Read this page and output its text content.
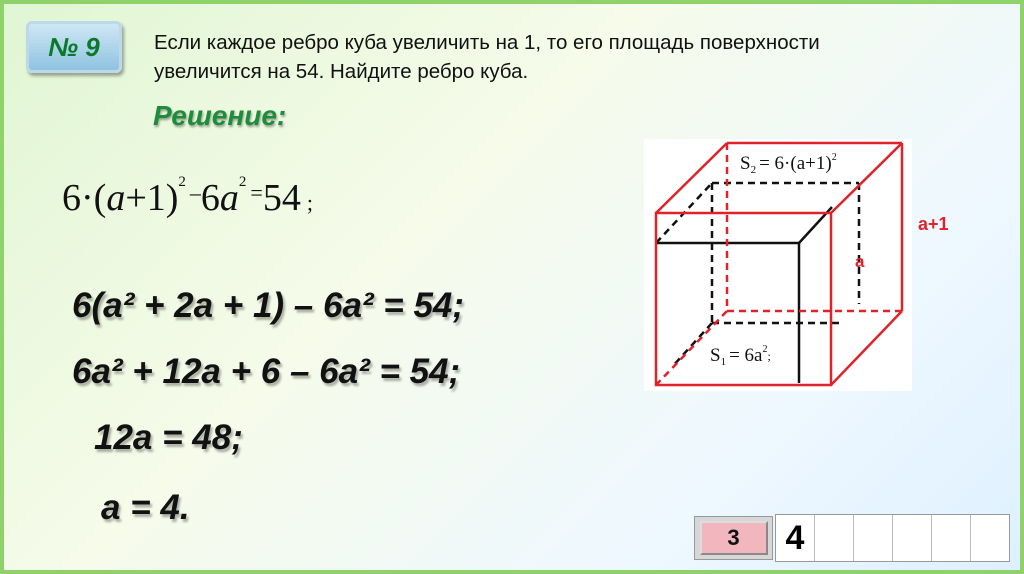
№ 9	Если каждое ребро куба увеличить на 1, то его площадь поверхности
увеличится на 54. Найдите ребро куба.

Решение:
$6\cdot(a+1)^2$ $-6a^2 =54$ ;
6(a² + 2a + 1) – 6a² = 54;
6a² + 12a + 6 – 6a² = 54;
12a = 48;
a = 4.
$S_2 = 6\cdot(a+1)^2$
$S_1 = 6a^2_;$
a+1
a
3	4
